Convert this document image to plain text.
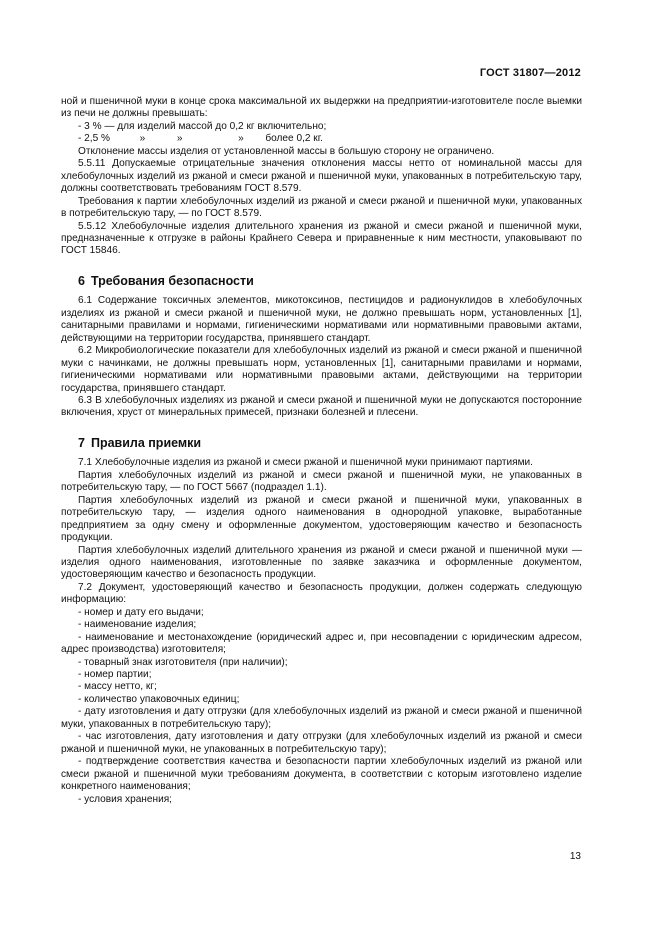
ГОСТ 31807—2012

ной и пшеничной муки в конце срока максимальной их выдержки на предприятии-изготовителе после выемки из печи не должны превышать:

- 3 % — для изделий массой до 0,2 кг включительно;

- 2,5 %	»	»	» более 0,2 кг.

Отклонение массы изделия от установленной массы в большую сторону не ограничено.

5.5.11 Допускаемые отрицательные значения отклонения массы нетто от номинальной массы для хлебобулочных изделий из ржаной и смеси ржаной и пшеничной муки, упакованных в потребительскую тару, должны соответствовать требованиям ГОСТ 8.579.

Требования к партии хлебобулочных изделий из ржаной и смеси ржаной и пшеничной муки, упакованных в потребительскую тару, — по ГОСТ 8.579.

5.5.12 Хлебобулочные изделия длительного хранения из ржаной и смеси ржаной и пшеничной муки, предназначенные к отгрузке в районы Крайнего Севера и приравненные к ним местности, упаковывают по ГОСТ 15846.

6 Требования безопасности

6.1 Содержание токсичных элементов, микотоксинов, пестицидов и радионуклидов в хлебобулочных изделиях из ржаной и смеси ржаной и пшеничной муки, не должно превышать норм, установленных [1], санитарными правилами и нормами, гигиеническими нормативами или нормативными правовыми актами, действующими на территории государства, принявшего стандарт.

6.2 Микробиологические показатели для хлебобулочных изделий из ржаной и смеси ржаной и пшеничной муки с начинками, не должны превышать норм, установленных [1], санитарными правилами и нормами, гигиеническими нормативами или нормативными правовыми актами, действующими на территории государства, принявшего стандарт.

6.3 В хлебобулочных изделиях из ржаной и смеси ржаной и пшеничной муки не допускаются посторонние включения, хруст от минеральных примесей, признаки болезней и плесени.

7 Правила приемки

7.1 Хлебобулочные изделия из ржаной и смеси ржаной и пшеничной муки принимают партиями.

Партия хлебобулочных изделий из ржаной и смеси ржаной и пшеничной муки, не упакованных в потребительскую тару, — по ГОСТ 5667 (подраздел 1.1).

Партия хлебобулочных изделий из ржаной и смеси ржаной и пшеничной муки, упакованных в потребительскую тару, — изделия одного наименования в однородной упаковке, выработанные предприятием за одну смену и оформленные документом, удостоверяющим качество и безопасность продукции.

Партия хлебобулочных изделий длительного хранения из ржаной и смеси ржаной и пшеничной муки — изделия одного наименования, изготовленные по заявке заказчика и оформленные документом, удостоверяющим качество и безопасность продукции.

7.2 Документ, удостоверяющий качество и безопасность продукции, должен содержать следующую информацию:

- номер и дату его выдачи;

- наименование изделия;

- наименование и местонахождение (юридический адрес и, при несовпадении с юридическим адресом, адрес производства) изготовителя;

- товарный знак изготовителя (при наличии);

- номер партии;

- массу нетто, кг;

- количество упаковочных единиц;

- дату изготовления и дату отгрузки (для хлебобулочных изделий из ржаной и смеси ржаной и пшеничной муки, упакованных в потребительскую тару);

- час изготовления, дату изготовления и дату отгрузки (для хлебобулочных изделий из ржаной и смеси ржаной и пшеничной муки, не упакованных в потребительскую тару);

- подтверждение соответствия качества и безопасности партии хлебобулочных изделий из ржаной или смеси ржаной и пшеничной муки требованиям документа, в соответствии с которым изготовлено изделие конкретного наименования;

- условия хранения;

13
